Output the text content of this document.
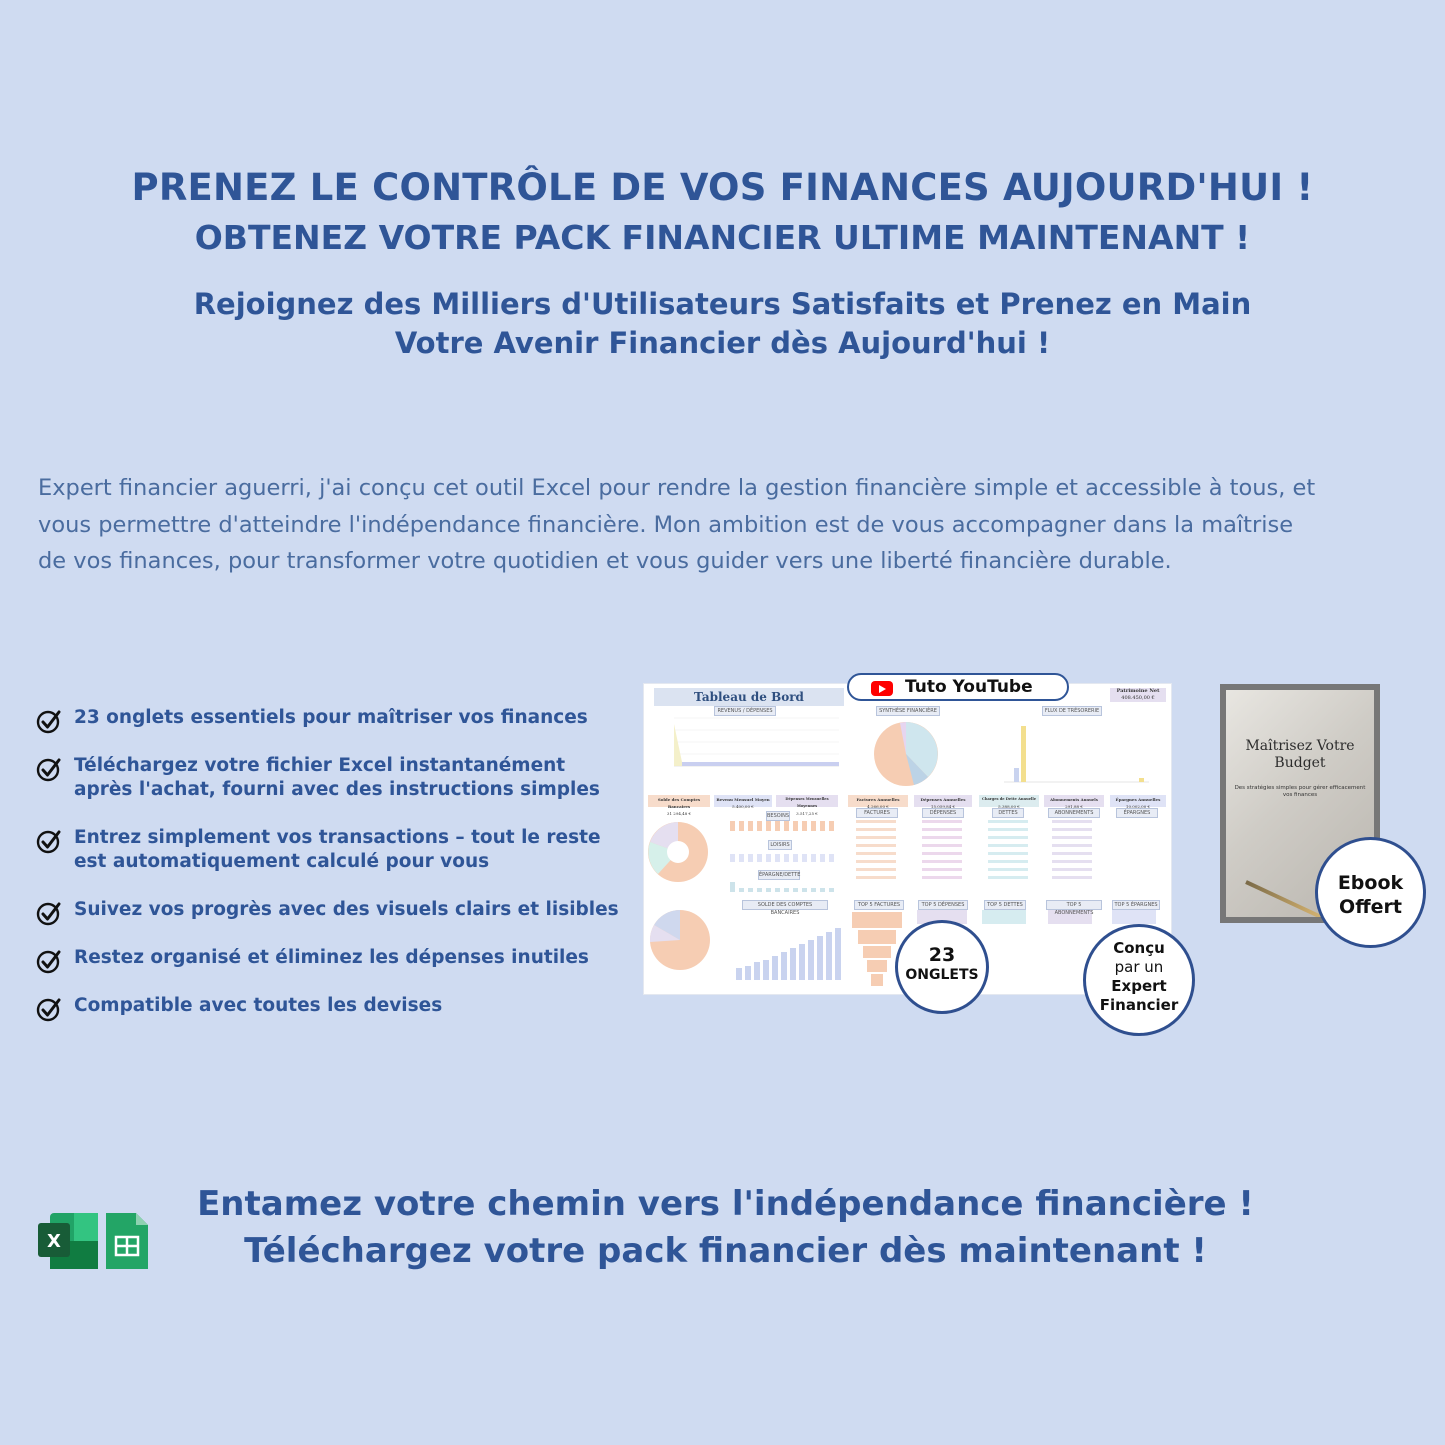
PRENEZ LE CONTRÔLE DE VOS FINANCES AUJOURD'HUI !
OBTENEZ VOTRE PACK FINANCIER ULTIME MAINTENANT !
Rejoignez des Milliers d'Utilisateurs Satisfaits et Prenez en Main
Votre Avenir Financier dès Aujourd'hui !

Expert financier aguerri, j'ai conçu cet outil Excel pour rendre la gestion financière simple et accessible à tous, et
vous permettre d'atteindre l'indépendance financière. Mon ambition est de vous accompagner dans la maîtrise
de vos finances, pour transformer votre quotidien et vous guider vers une liberté financière durable.

23 onglets essentiels pour maîtriser vos finances
Téléchargez votre fichier Excel instantanément
après l'achat, fourni avec des instructions simples
Entrez simplement vos transactions – tout le reste
est automatiquement calculé pour vous
Suivez vos progrès avec des visuels clairs et lisibles
Restez organisé et éliminez les dépenses inutiles
Compatible avec toutes les devises
Tableau de Bord
REVENUS / DÉPENSES	SYNTHÈSE FINANCIÈRE	FLUX DE TRÉSORERIE
Patrimoine Net
408.450,00 €
BESOINS
LOISIRS
ÉPARGNE/DETTE
SOLDE DES COMPTES BANCAIRES
FACTURES	DÉPENSES	DETTES	ABONNEMENTS	ÉPARGNES
TOP 5 FACTURES	TOP 5 DÉPENSES	TOP 5 DETTES	TOP 5 ABONNEMENTS
TOP 5 ÉPARGNES
Solde des Comptes Bancaires
31 294,48 €
Revenu Mensuel Moyen
5.400,00 €
Dépenses Mensuelles Moyennes
3.517,25 €
Factures Annuelles
4.266,00 €
Dépenses Annuelles
15.059,84 €
Charges de Dette Annuelle
5.388,00 €
Abonnements Annuels
291,88 €
Épargnes Annuelles
10.002,00 €
Tuto YouTube
23
ONGLETS
Conçu
par un
Expert
Financier
Maîtrisez Votre
Budget
Des stratégies simples pour gérer efficacement vos finances
Ebook
Offert
X
Entamez votre chemin vers l'indépendance financière !
Téléchargez votre pack financier dès maintenant !
